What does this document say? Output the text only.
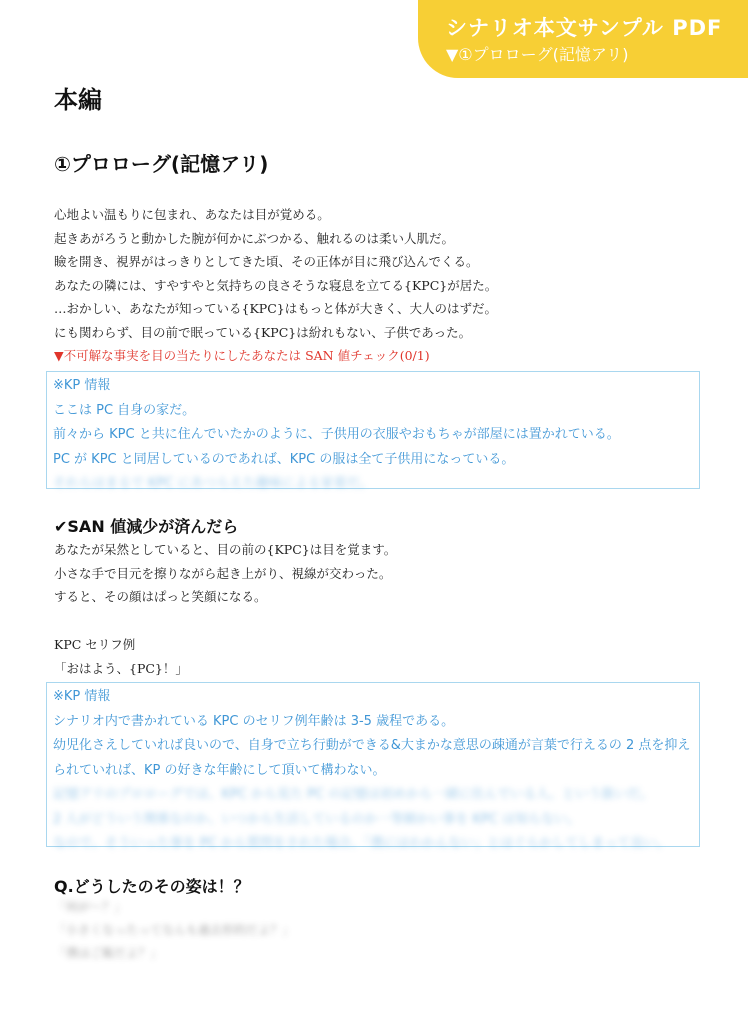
シナリオ本文サンプル PDF
▼①プロローグ(記憶アリ)
本編
①プロローグ(記憶アリ)
心地よい温もりに包まれ、あなたは目が覚める。
起きあがろうと動かした腕が何かにぶつかる、触れるのは柔い人肌だ。
瞼を開き、視界がはっきりとしてきた頃、その正体が目に飛び込んでくる。
あなたの隣には、すやすやと気持ちの良さそうな寝息を立てる{KPC}が居た。
…おかしい、あなたが知っている{KPC}はもっと体が大きく、大人のはずだ。
にも関わらず、目の前で眠っている{KPC}は紛れもない、子供であった。
▼不可解な事実を目の当たりにしたあなたは SAN 値チェック(0/1)
※KP 情報
ここは PC 自身の家だ。
前々から KPC と共に住んでいたかのように、子供用の衣服やおもちゃが部屋には置かれている。
PC が KPC と同居しているのであれば、KPC の服は全て子供用になっている。
それらはまるで KPC にあつらえた趣味による家着だ。
✔SAN 値減少が済んだら
あなたが呆然としていると、目の前の{KPC}は目を覚ます。
小さな手で目元を擦りながら起き上がり、視線が交わった。
すると、その顔はぱっと笑顔になる。
KPC セリフ例
「おはよう、{PC}！」
※KP 情報
シナリオ内で書かれている KPC のセリフ例年齢は 3-5 歳程である。
幼児化さえしていれば良いので、自身で立ち行動ができる&大まかな意思の疎通が言葉で行えるの 2 点を抑え
られていれば、KP の好きな年齢にして頂いて構わない。
記憶アリのプロローグでは、KPC から見た PC の記憶は初めから一緒に住んでいる人、という扱いだ。
2 人がどういう関係なのか、いつから生活しているのか一等細かい事を KPC は知らない。
なので、そういった事を PC から質問をされた場合、「僕にはわかんない」とはぐらかしてしまって良い。
Q.どうしたのその姿は！？
「何が～？」
「小さくなったってなんも過去形的だよ？」
「僕はご飯だよ？」
